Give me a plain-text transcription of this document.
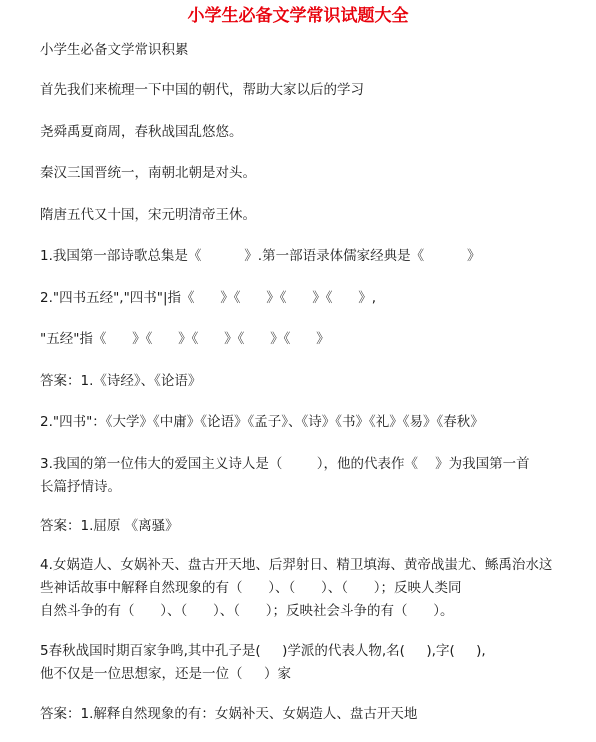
小学生必备文学常识试题大全

小学生必备文学常识积累

首先我们来梳理一下中国的朝代，帮助大家以后的学习

尧舜禹夏商周，春秋战国乱悠悠。

秦汉三国晋统一，南朝北朝是对头。

隋唐五代又十国，宋元明清帝王休。

1.我国第一部诗歌总集是《          》.第一部语录体儒家经典是《          》

2."四书五经","四书"|指《      》《      》《      》《      》,

"五经"指《      》《      》《      》《      》《      》

答案：1.《诗经》、《论语》

2."四书"：《大学》《中庸》《论语》《孟子》、《诗》《书》《礼》《易》《春秋》

3.我国的第一位伟大的爱国主义诗人是（        ），他的代表作《    》为我国第一首

长篇抒情诗。

答案：1.屈原 《离骚》

4.女娲造人、女娲补天、盘古开天地、后羿射日、精卫填海、黄帝战蚩尤、鲧禹治水这

些神话故事中解释自然现象的有（      ）、（      ）、（      ）；反映人类同

自然斗争的有（      ）、（      ）、（      ）；反映社会斗争的有（      ）。

5春秋战国时期百家争鸣,其中孔子是(     )学派的代表人物,名(     ),字(     ),

他不仅是一位思想家，还是一位（     ）家

答案：1.解释自然现象的有：女娲补天、女娲造人、盘古开天地
